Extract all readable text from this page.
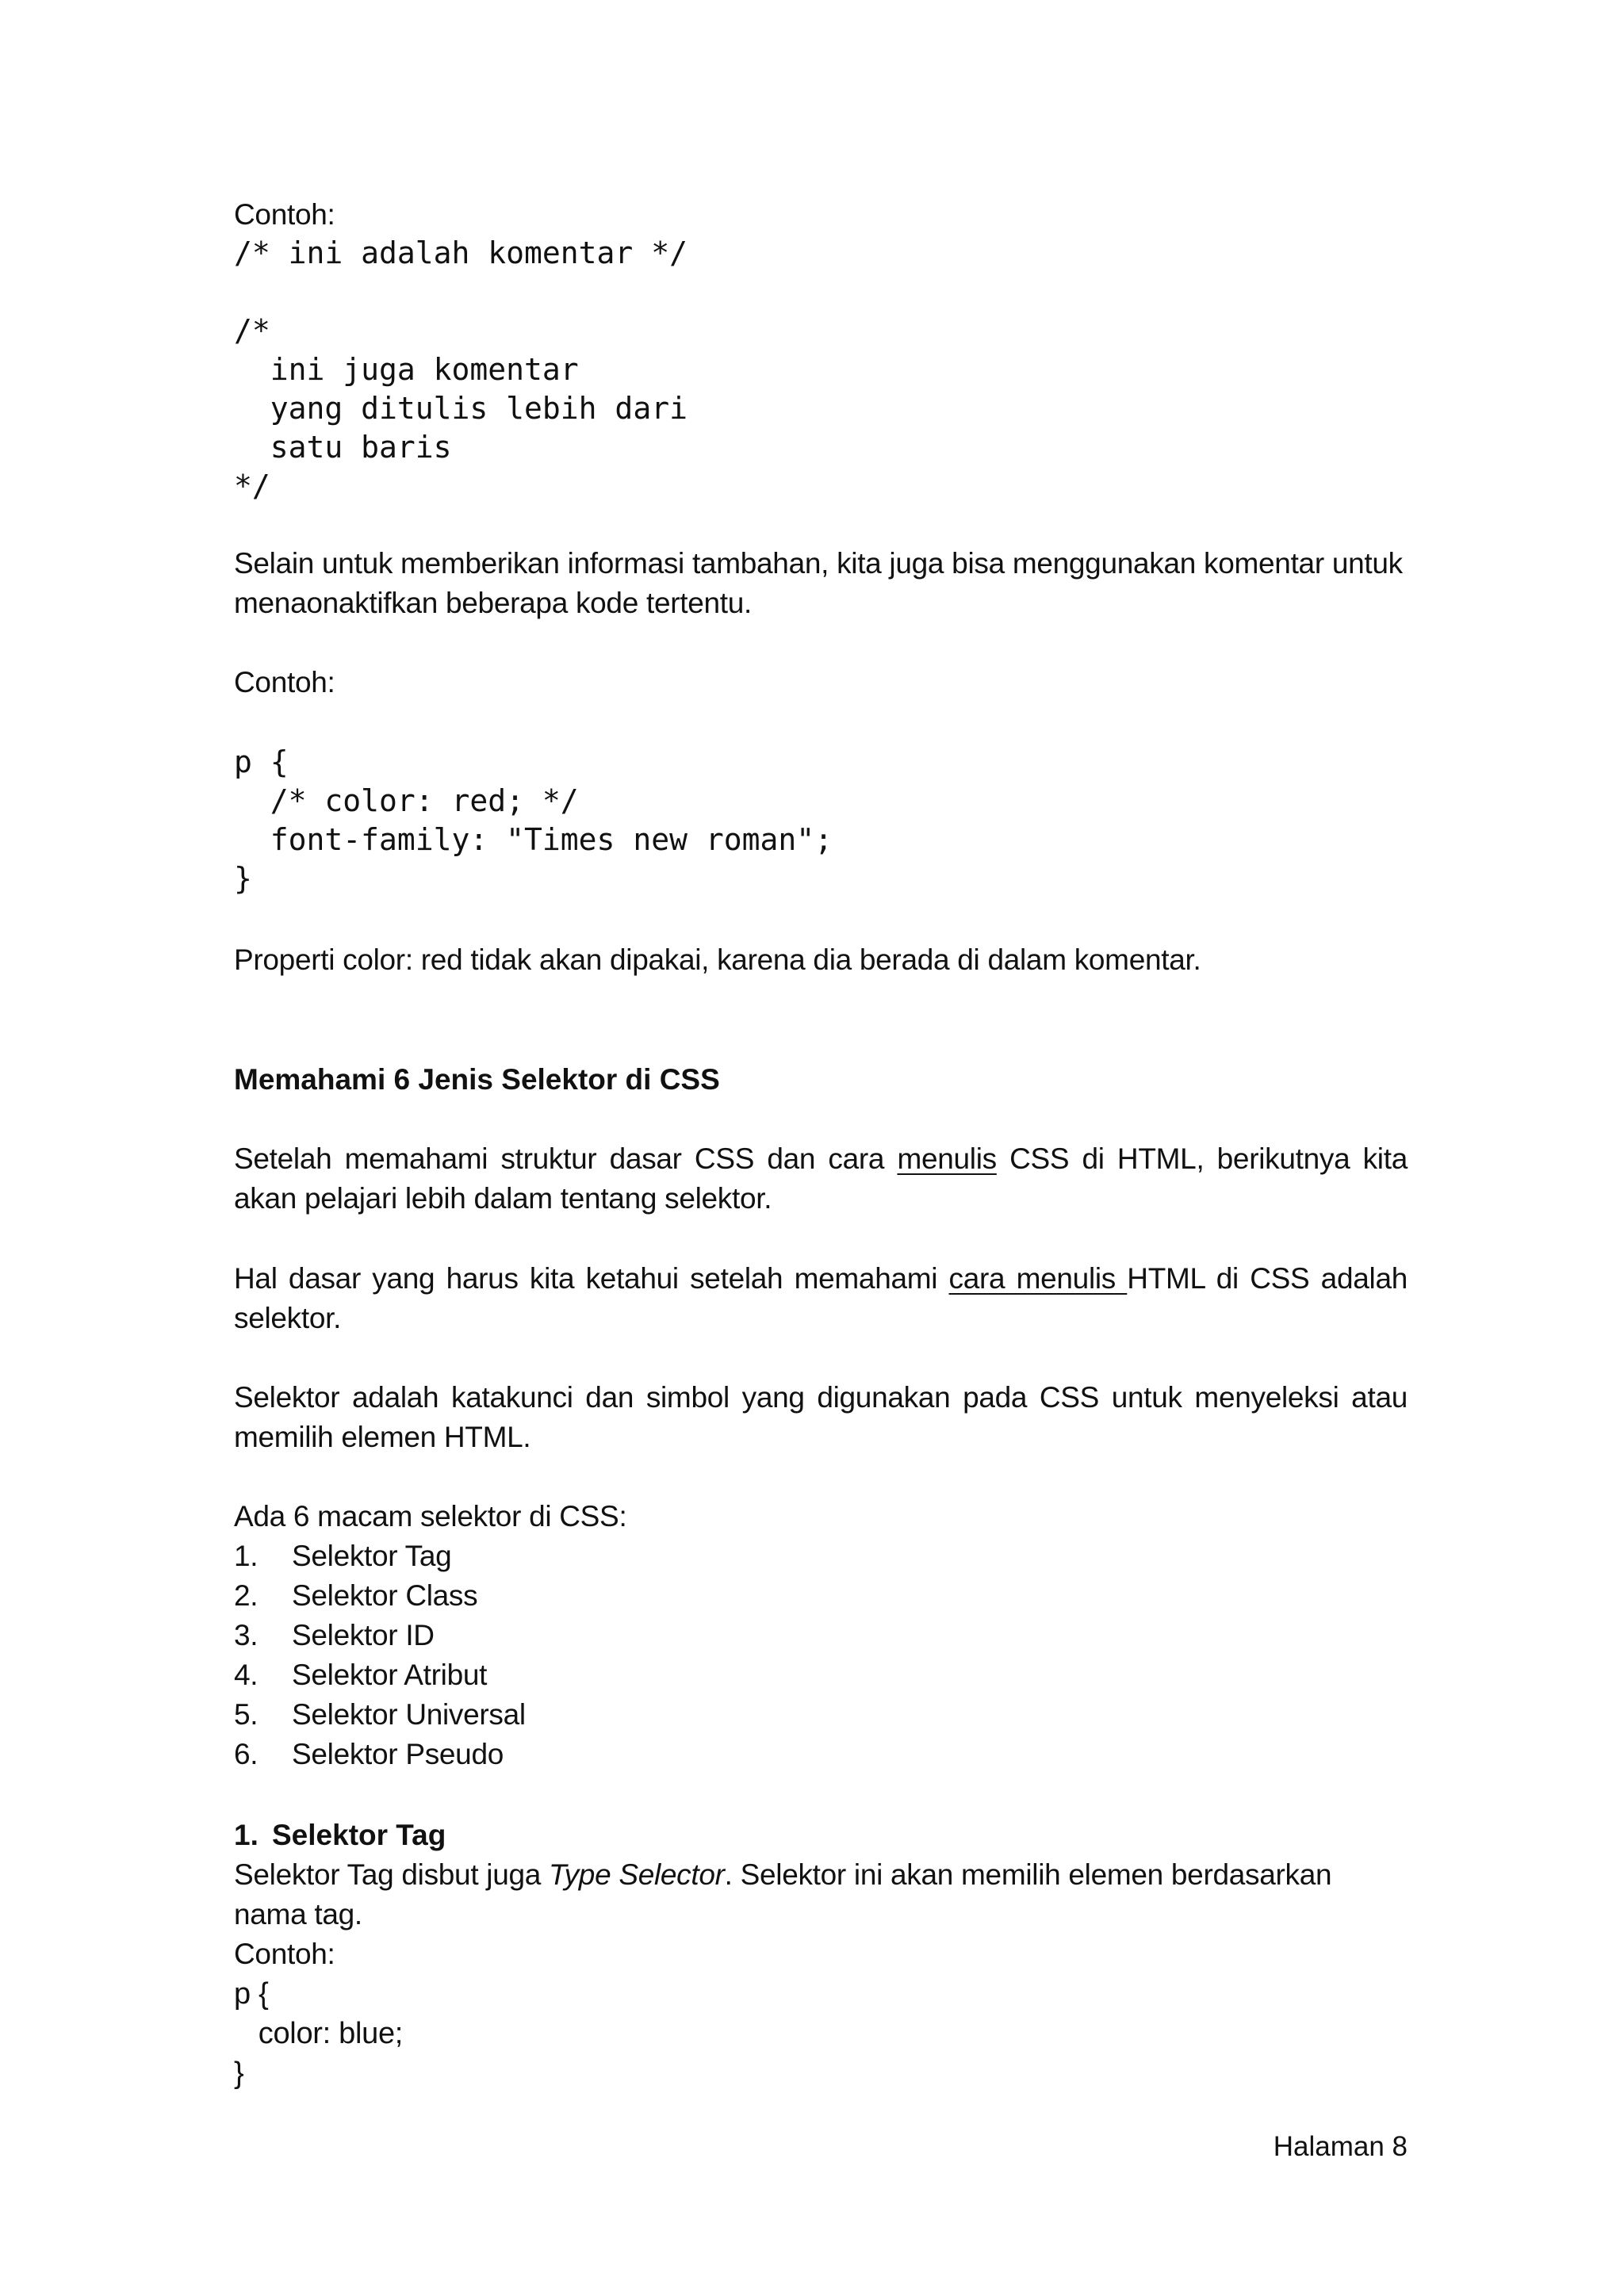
Contoh:

/* ini adalah komentar */

/*
ini juga komentar
yang ditulis lebih dari
satu baris
*/

Selain untuk memberikan informasi tambahan, kita juga bisa menggunakan komentar untuk menaonaktifkan beberapa kode tertentu.

Contoh:

p {
/* color: red; */
font-family: "Times new roman";
}

Properti color: red tidak akan dipakai, karena dia berada di dalam komentar.

Memahami 6 Jenis Selektor di CSS

Setelah memahami struktur dasar CSS dan cara menulis CSS di HTML, berikutnya kita akan pelajari lebih dalam tentang selektor.

Hal dasar yang harus kita ketahui setelah memahami cara menulis HTML di CSS adalah selektor.

Selektor adalah katakunci dan simbol yang digunakan pada CSS untuk menyeleksi atau memilih elemen HTML.

Ada 6 macam selektor di CSS:

1.	Selektor Tag
2.	Selektor Class
3.	Selektor ID
4.	Selektor Atribut
5.	Selektor Universal
6.	Selektor Pseudo
1. Selektor Tag

Selektor Tag disbut juga Type Selector. Selektor ini akan memilih elemen berdasarkan nama tag.

Contoh:

p {
color: blue;
}
Halaman 8
